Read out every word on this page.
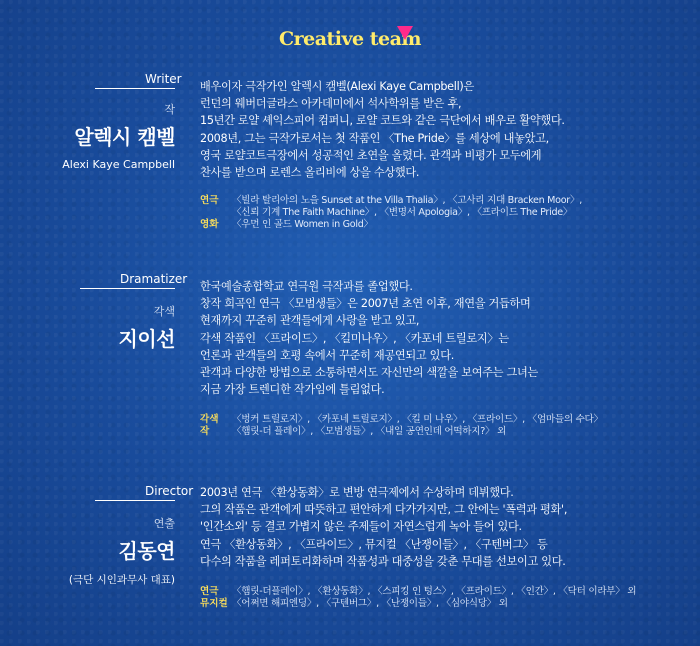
Creative team
Writer
작
알렉시 캠벨
Alexi Kaye Campbell

배우이자 극작가인 알렉시 캠벨(Alexi Kaye Campbell)은

런던의 웨버더글라스 아카데미에서 석사학위를 받은 후,

15년간 로얄 셰익스피어 컴퍼니, 로얄 코트와 같은 극단에서 배우로 활약했다.

2008년, 그는 극작가로서는 첫 작품인 〈The Pride〉를 세상에 내놓았고,

영국 로얄코트극장에서 성공적인 초연을 올렸다. 관객과 비평가 모두에게

찬사를 받으며 로렌스 올리비에 상을 수상했다.

연극	〈빌라 탈리아의 노을 Sunset at the Villa Thalia〉, 〈고사리 지대 Bracken Moor〉,
〈신뢰 기계 The Faith Machine〉, 〈변명서 Apologia〉, 〈프라이드 The Pride〉
영화	〈우먼 인 골드 Women in Gold〉
Dramatizer
각색
지이선

한국예술종합학교 연극원 극작과를 졸업했다.

창작 희곡인 연극 〈모범생들〉은 2007년 초연 이후, 재연을 거듭하며

현재까지 꾸준히 관객들에게 사랑을 받고 있고,

각색 작품인 〈프라이드〉, 〈킬미나우〉, 〈카포네 트릴로지〉는

언론과 관객들의 호평 속에서 꾸준히 재공연되고 있다.

관객과 다양한 방법으로 소통하면서도 자신만의 색깔을 보여주는 그녀는

지금 가장 트렌디한 작가임에 틀림없다.

각색	〈벙커 트릴로지〉, 〈카포네 트릴로지〉, 〈킬 미 나우〉, 〈프라이드〉, 〈엄마들의 수다〉
작	〈햄릿-더 플레이〉, 〈모범생들〉, 〈내일 공연인데 어떡하지?〉 외
Director
연출
김동연
(극단 시인과무사 대표)

2003년 연극 〈환상동화〉로 변방 연극제에서 수상하며 데뷔했다.

그의 작품은 관객에게 따뜻하고 편안하게 다가가지만, 그 안에는 '폭력과 평화',

'인간소외' 등 결코 가볍지 않은 주제들이 자연스럽게 녹아 들어 있다.

연극 〈환상동화〉, 〈프라이드〉, 뮤지컬 〈난쟁이들〉, 〈구텐버그〉 등

다수의 작품을 레퍼토리화하며 작품성과 대중성을 갖춘 무대를 선보이고 있다.

연극	〈햄릿-더플레이〉, 〈환상동화〉, 〈스피킹 인 텅스〉, 〈프라이드〉, 〈인간〉, 〈닥터 이라부〉 외
뮤지컬 〈어쩌면 해피엔딩〉, 〈구텐버그〉, 〈난쟁이들〉, 〈심야식당〉 외
